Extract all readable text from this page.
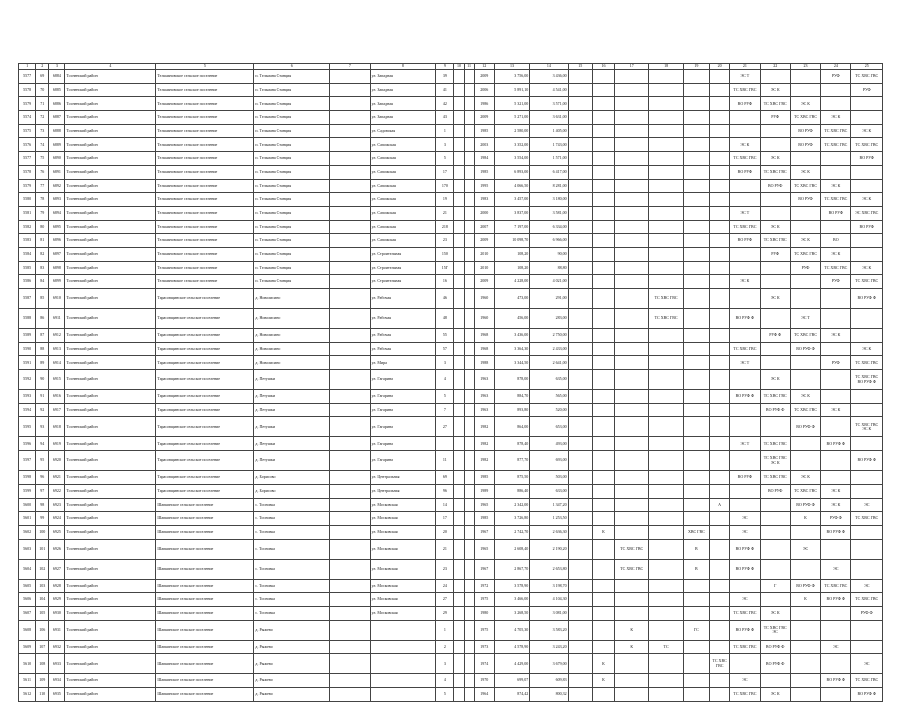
1	2	3	4	5	6	7	8	9	10	11	12	13	14	15	16	17	18	19	20	21	22	23	24	25
5577	69	6884	Тосненский район	Тельмановское сельское поселение	п. Тельмана Станция		ул. Западная	39			2009	3 756,00	3 436,00							ЭС Т			РУФ	ТС ХВС ГВС
5578	70	6885	Тосненский район	Тельмановское сельское поселение	п. Тельмана Станция		ул. Западная	41			2006	5 891,10	4 541,00							ТС ХВС ГВС	ЭС К			РУФ
5579	71	6886	Тосненский район	Тельмановское сельское поселение	п. Тельмана Станция		ул. Западная	42			1986	5 321,00	3 571,00							ВО РУФ	ТС ХВС ГВС	ЭС К		
5574	72	6887	Тосненский район	Тельмановское сельское поселение	п. Тельмана Станция		ул. Западная	43			2009	5 271,00	3 631,00								РУФ	ТС ХВС ГВС	ЭС К	
5575	73	6888	Тосненский район	Тельмановское сельское поселение	п. Тельмана Станция		ул. Садовская	1			1985	2 580,00	1 405,00									ВО РУФ	ТС ХВС ГВС	ЭС К
5576	74	6889	Тосненский район	Тельмановское сельское поселение	п. Тельмана Станция		ул. Сапожская	3			2003	3 352,00	1 743,00							ЭС К		ВО РУФ	ТС ХВС ГВС	ТС ХВС ГВС
5577	75	6890	Тосненский район	Тельмановское сельское поселение	п. Тельмана Станция		ул. Сапожская	5			1984	3 554,00	1 571,00							ТС ХВС ГВС	ЭС К			ВО РУФ
5578	76	6891	Тосненский район	Тельмановское сельское поселение	п. Тельмана Станция		ул. Сапожская	17			1985	6 893,00	6 417,00							ВО РУФ	ТС ХВС ГВС	ЭС К		
5579	77	6892	Тосненский район	Тельмановское сельское поселение	п. Тельмана Станция		ул. Сапожская	170			1995	4 066,50	8 281,00								ВО РУФ	ТС ХВС ГВС	ЭС К	
5580	78	6893	Тосненский район	Тельмановское сельское поселение	п. Тельмана Станция		ул. Сапожская	19			1983	3 457,00	3 180,00									ВО РУФ	ТС ХВС ГВС	ЭС К
5581	79	6894	Тосненский район	Тельмановское сельское поселение	п. Тельмана Станция		ул. Сапожская	21			2000	3 837,00	3 581,00							ЭС Т			ВО РУФ	ЭС ХВС ГВС
5582	80	6895	Тосненский район	Тельмановское сельское поселение	п. Тельмана Станция		ул. Сапожская	218			2007	7 197,00	6 334,00							ТС ХВС ГВС	ЭС К			ВО РУФ
5583	81	6896	Тосненский район	Тельмановское сельское поселение	п. Тельмана Станция		ул. Сапожская	23			2009	10 098,70	6 966,00							ВО РУФ	ТС ХВС ГВС	ЭС К	ВО	
5584	82	6897	Тосненский район	Тельмановское сельское поселение	п. Тельмана Станция		ул. Строительная	150			2010	108,20	90,00								РУФ	ТС ХВС ГВС	ЭС К	
5585	83	6898	Тосненский район	Тельмановское сельское поселение	п. Тельмана Станция		ул. Строительная	15Г			2010	108,20	88,80									РУФ	ТС ХВС ГВС	ЭС К
5586	84	6899	Тосненский район	Тельмановское сельское поселение	п. Тельмана Станция		ул. Строительная	16			2009	4 228,00	4 021,00							ЭС К			РУФ	ТС ХВС ГВС
5587	85	6910	Тосненский район	Тарасовщинское сельское поселение	д. Новолисино		ул. Рабочая	46			1960	473,00	291,00				ТС ХВС ГВС				ЭС К			ВО РУФ Ф
5588	86	6911	Тосненский район	Тарасовщинское сельское поселение	д. Новолисино		ул. Рабочая	48			1960	456,00	283,00				ТС ХВС ГВС			ВО РУФ Ф		ЭС Т		
5589	87	6912	Тосненский район	Тарасовщинское сельское поселение	д. Новолисино		ул. Рабочая	55			1968	3 436,00	2 750,00								РУФ Ф	ТС ХВС ГВС	ЭС К	
5590	88	6913	Тосненский район	Тарасовщинское сельское поселение	д. Новолисино		ул. Рабочая	57			1968	3 364,30	2 433,00							ТС ХВС ГВС		ВО РУФ Ф		ЭС К
5591	89	6914	Тосненский район	Тарасовщинское сельское поселение	д. Новолисино		ул. Мира	3			1988	3 344,50	2 641,00							ЭС Т			РУФ	ТС ХВС ГВС
5592	90	6915	Тосненский район	Тарасовщинское сельское поселение	д. Петушки		ул. Гагарина	4			1963	878,00	635,00								ЭС К			ТС ХВС ГВС ВО РУФ Ф
5593	91	6916	Тосненский район	Тарасовщинское сельское поселение	д. Петушки		ул. Гагарина	5			1963	884,70	565,00							ВО РУФ Ф	ТС ХВС ГВС	ЭС К		
5594	92	6917	Тосненский район	Тарасовщинское сельское поселение	д. Петушки		ул. Гагарина	7			1963	893,80	520,00								ВО РУФ Ф	ТС ХВС ГВС	ЭС К	
5595	93	6918	Тосненский район	Тарасовщинское сельское поселение	д. Петушки		ул. Гагарина	27			1982	864,00	653,00									ВО РУФ Ф		ТС ХВС ГВС ЭС К
5596	94	6919	Тосненский район	Тарасовщинское сельское поселение	д. Петушки		ул. Гагарина				1982	878,40	493,00							ЭС Т	ТС ХВС ГВС		ВО РУФ Ф	
5597	95	6920	Тосненский район	Тарасовщинское сельское поселение	д. Петушки		ул. Гагарина	11			1982	877,70	693,00								ТС ХВС ГВС ЭС К			ВО РУФ Ф
5598	96	6921	Тосненский район	Тарасовщинское сельское поселение	д. Борисово		ул. Центральная	69			1985	875,50	503,00							ВО РУФ	ТС ХВС ГВС	ЭС К		
5599	97	6922	Тосненский район	Тарасовщинское сельское поселение	д. Борисово		ул. Центральная	96			1989	886,40	633,00								ВО РУФ	ТС ХВС ГВС	ЭС К	
5600	98	6923	Тосненский район	Шапкинское сельское поселение	с. Тосновка		ул. Московская	14			1965	2 342,00	1 347,20						А			ВО РУФ Ф	ЭС К	ЭС
5601	99	6924	Тосненский район	Шапкинское сельское поселение	с. Тосновка		ул. Московская	17			1985	3 726,80	1 253,50							ЭС		К	РУФ Ф	ТС ХВС ГВС
5602	100	6925	Тосненский район	Шапкинское сельское поселение	с. Тосновка		ул. Московская	20			1967	2 742,70	2 636,30		К			ХВС ГВС		ЭС			ВО РУФ Ф	
5603	101	6926	Тосненский район	Шапкинское сельское поселение	с. Тосновка		ул. Московская	21			1965	2 608,40	2 190,20			ТС ХВС ГВС		В		ВО РУФ Ф		ЭС		
5604	102	6927	Тосненский район	Шапкинское сельское поселение	с. Тосновка		ул. Московская	23			1967	2 867,70	2 653,80			ТС ХВС ГВС		В		ВО РУФ Ф			ЭС	
5605	103	6928	Тосненский район	Шапкинское сельское поселение	с. Тосновка		ул. Московская	24			1972	3 578,90	3 198,70								Г	ВО РУФ Ф	ТС ХВС ГВС	ЭС
5606	104	6929	Тосненский район	Шапкинское сельское поселение	с. Тосновка		ул. Московская	27			1975	3 466,00	4 104,30							ЭС		К	ВО РУФ Ф	ТС ХВС ГВС
5607	105	6930	Тосненский район	Шапкинское сельское поселение	с. Тосновка		ул. Московская	29			1980	3 268,50	3 081,00							ТС ХВС ГВС	ЭС К			РУФ Ф
5608	106	6931	Тосненский район	Шапкинское сельское поселение	д. Рыжево			1			1975	4 705,30	3 583,20			К		ГС		ВО РУФ Ф	ТС ХВС ГВС ЭС			
5609	107	6932	Тосненский район	Шапкинское сельское поселение	д. Рыжево			2			1973	4 578,90	3 243,20			К	ТС			ТС ХВС ГВС	ВО РУФ Ф		ЭС	
5610	108	6933	Тосненский район	Шапкинское сельское поселение	д. Рыжево			3			1974	4 429,00	3 679,00		К				ТС ХВС ГВС		ВО РУФ Ф			ЭС
5611	109	6934	Тосненский район	Шапкинское сельское поселение	д. Рыжево			4			1970	699,07	609,83		К					ЭС			ВО РУФ Ф	ТС ХВС ГВС
5612	110	6935	Тосненский район	Шапкинское сельское поселение	д. Рыжево			5			1964	874,42	800,32							ТС ХВС ГВС	ЭС К			ВО РУФ Ф
